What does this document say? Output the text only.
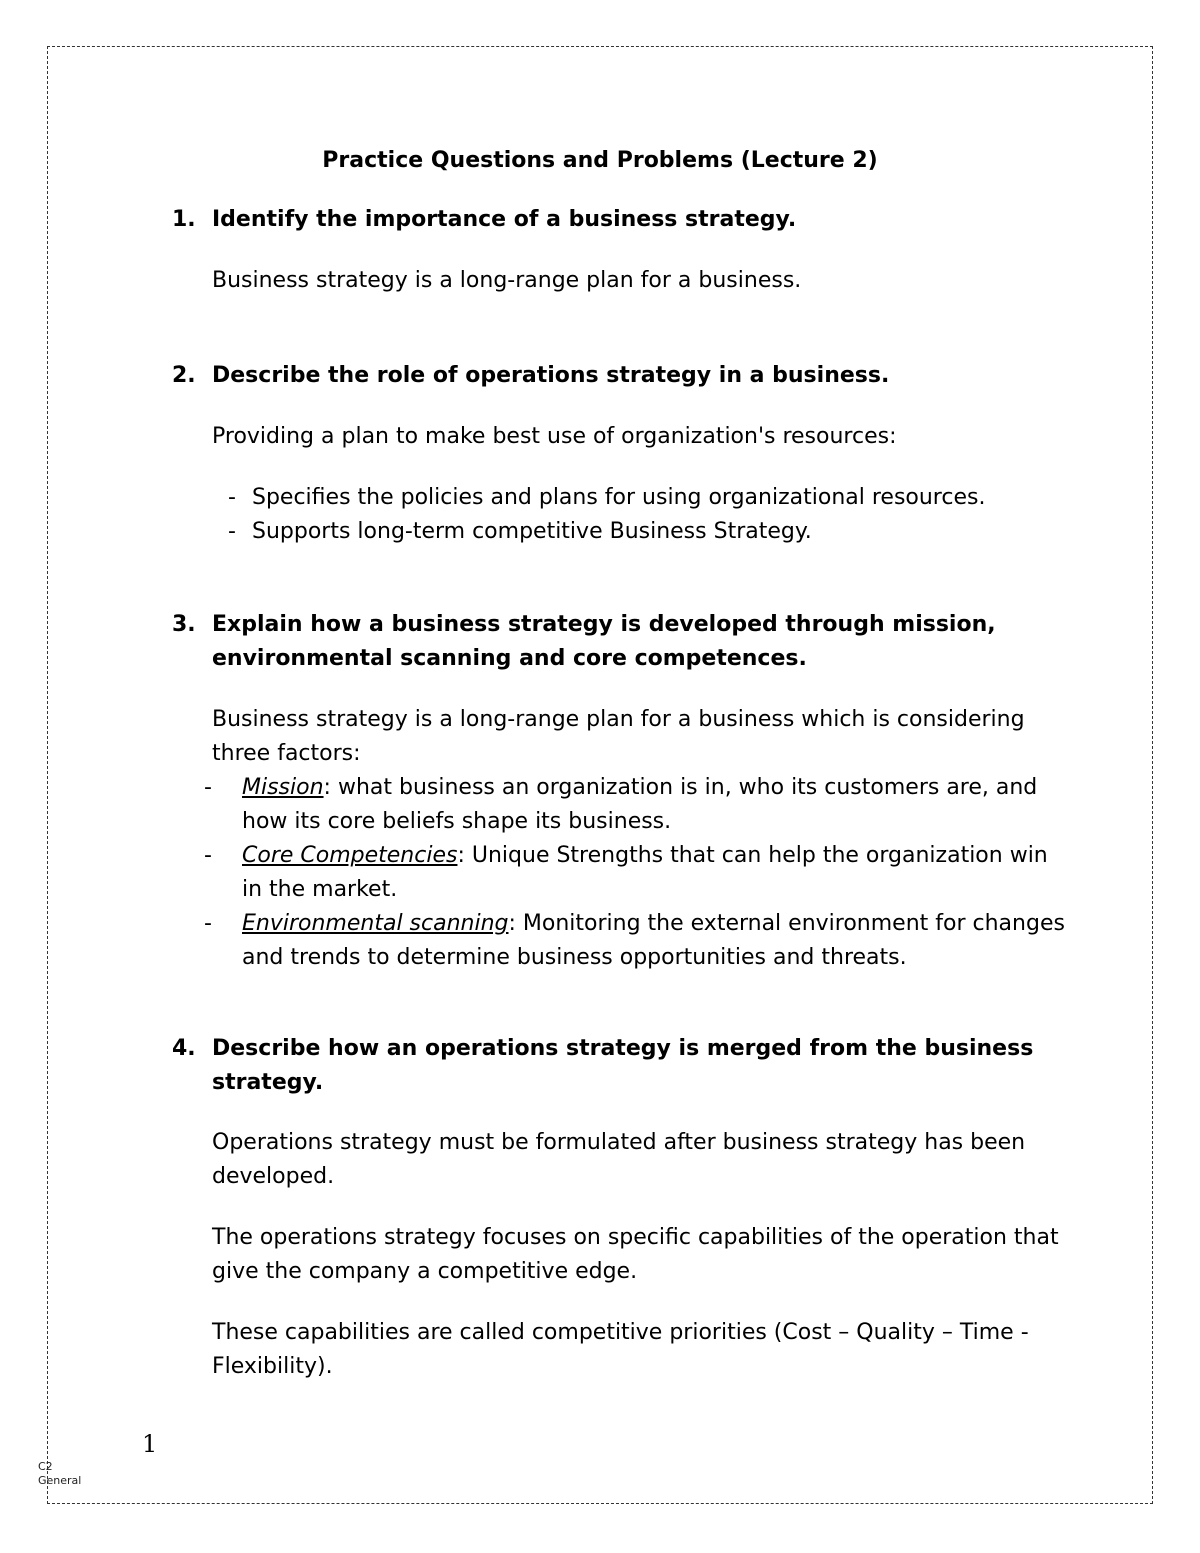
Practice Questions and Problems (Lecture 2)
1. Identify the importance of a business strategy.
Business strategy is a long-range plan for a business.
2. Describe the role of operations strategy in a business.
Providing a plan to make best use of organization's resources:
- Specifies the policies and plans for using organizational resources.
- Supports long-term competitive Business Strategy.
3. Explain how a business strategy is developed through mission, environmental scanning and core competences.
Business strategy is a long-range plan for a business which is considering three factors:
- Mission: what business an organization is in, who its customers are, and how its core beliefs shape its business.
- Core Competencies: Unique Strengths that can help the organization win in the market.
- Environmental scanning: Monitoring the external environment for changes and trends to determine business opportunities and threats.
4. Describe how an operations strategy is merged from the business strategy.
Operations strategy must be formulated after business strategy has been developed.
The operations strategy focuses on specific capabilities of the operation that give the company a competitive edge.
These capabilities are called competitive priorities (Cost – Quality – Time - Flexibility).
1
C2 General
